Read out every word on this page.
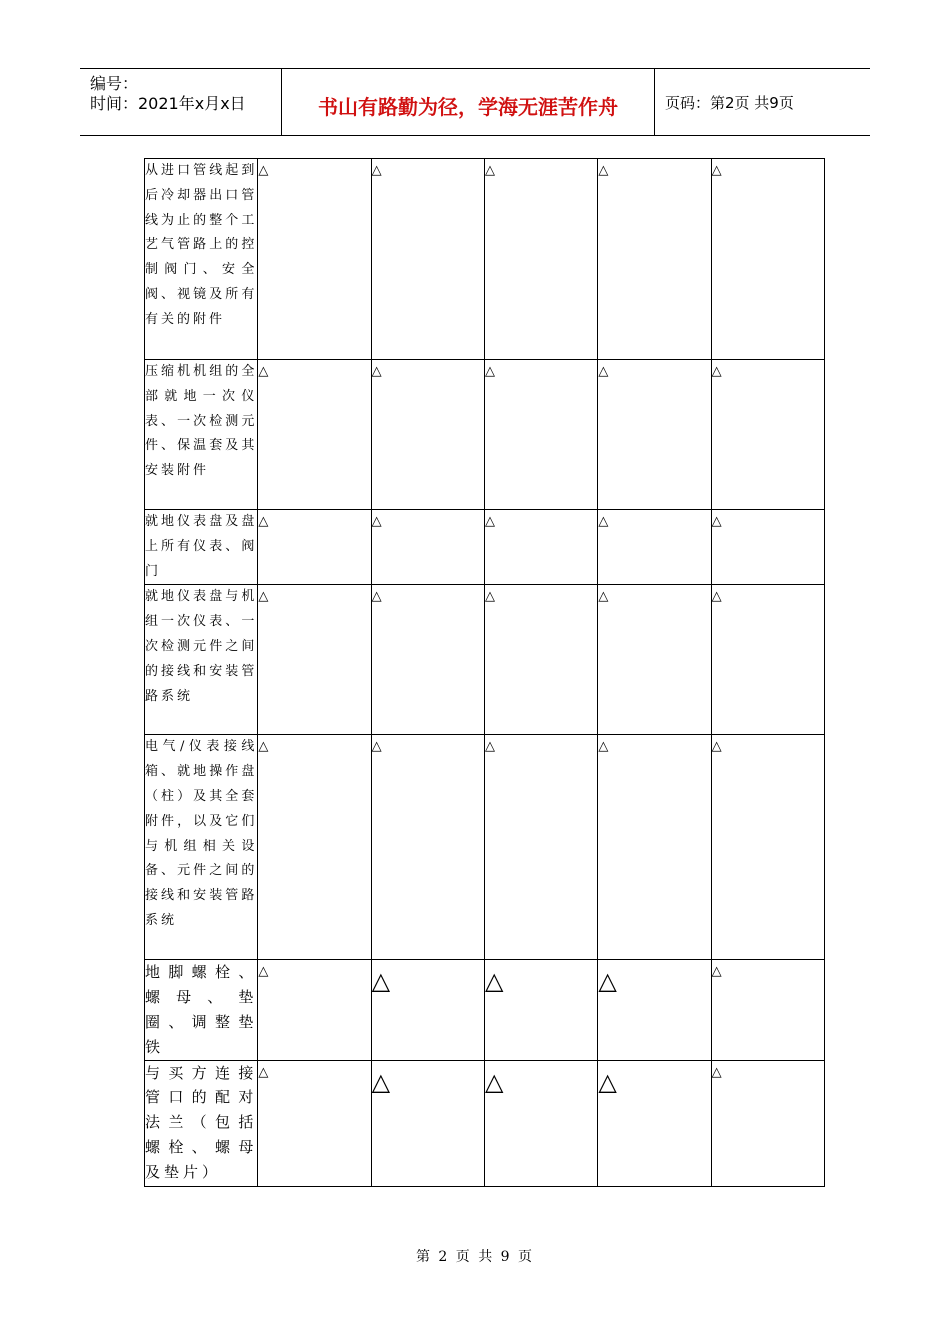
编号：
时间：2021年x月x日	书山有路勤为径，学海无涯苦作舟	页码：第2页 共9页
从进口管线起到后冷却器出口管线为止的整个工艺气管路上的控制阀门、安全阀、视镜及所有有关的附件	△	△	△	△	△
压缩机机组的全部就地一次仪表、一次检测元件、保温套及其安装附件	△	△	△	△	△
就地仪表盘及盘上所有仪表、阀门	△	△	△	△	△
就地仪表盘与机组一次仪表、一次检测元件之间的接线和安装管路系统	△	△	△	△	△
电气/仪表接线箱、就地操作盘（柱）及其全套附件，以及它们与机组相关设备、元件之间的接线和安装管路系统	△	△	△	△	△
地脚螺栓、螺母、垫圈、调整垫铁	△	△	△	△	△
与买方连接管口的配对法兰（包括螺栓、螺母及垫片）	△	△	△	△	△
第 2 页 共 9 页
